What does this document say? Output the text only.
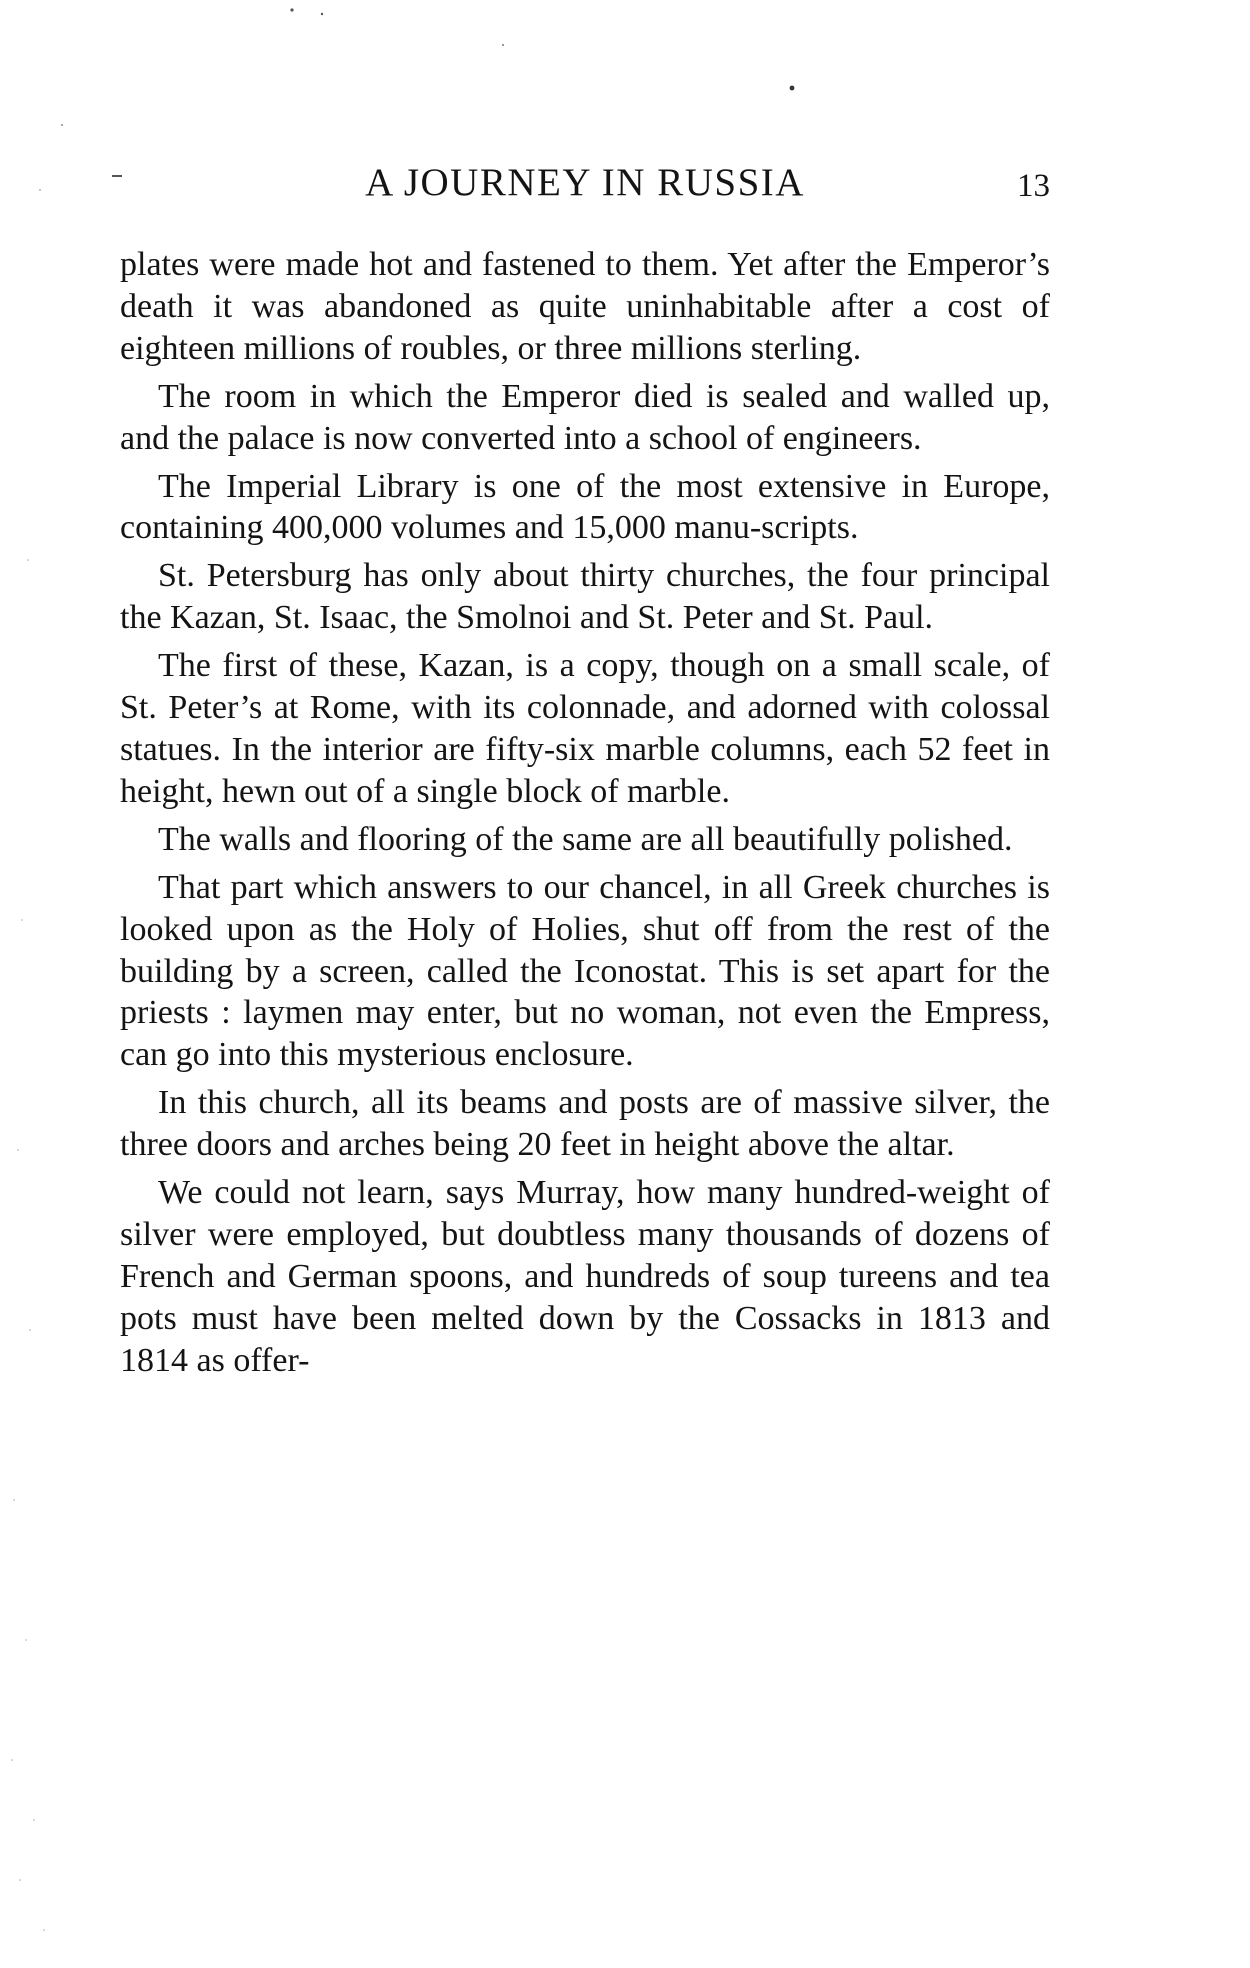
A JOURNEY IN RUSSIA	13

plates were made hot and fastened to them. Yet after the Emperor’s death it was abandoned as quite uninhabitable after a cost of eighteen millions of roubles, or three millions sterling.

The room in which the Emperor died is sealed and walled up, and the palace is now converted into a school of engineers.

The Imperial Library is one of the most extensive in Europe, containing 400,000 volumes and 15,000 manu-scripts.

St. Petersburg has only about thirty churches, the four principal the Kazan, St. Isaac, the Smolnoi and St. Peter and St. Paul.

The first of these, Kazan, is a copy, though on a small scale, of St. Peter’s at Rome, with its colonnade, and adorned with colossal statues. In the interior are fifty-six marble columns, each 52 feet in height, hewn out of a single block of marble.

The walls and flooring of the same are all beautifully polished.

That part which answers to our chancel, in all Greek churches is looked upon as the Holy of Holies, shut off from the rest of the building by a screen, called the Iconostat. This is set apart for the priests : laymen may enter, but no woman, not even the Empress, can go into this mysterious enclosure.

In this church, all its beams and posts are of massive silver, the three doors and arches being 20 feet in height above the altar.

We could not learn, says Murray, how many hundred-weight of silver were employed, but doubtless many thousands of dozens of French and German spoons, and hundreds of soup tureens and tea pots must have been melted down by the Cossacks in 1813 and 1814 as offer-
